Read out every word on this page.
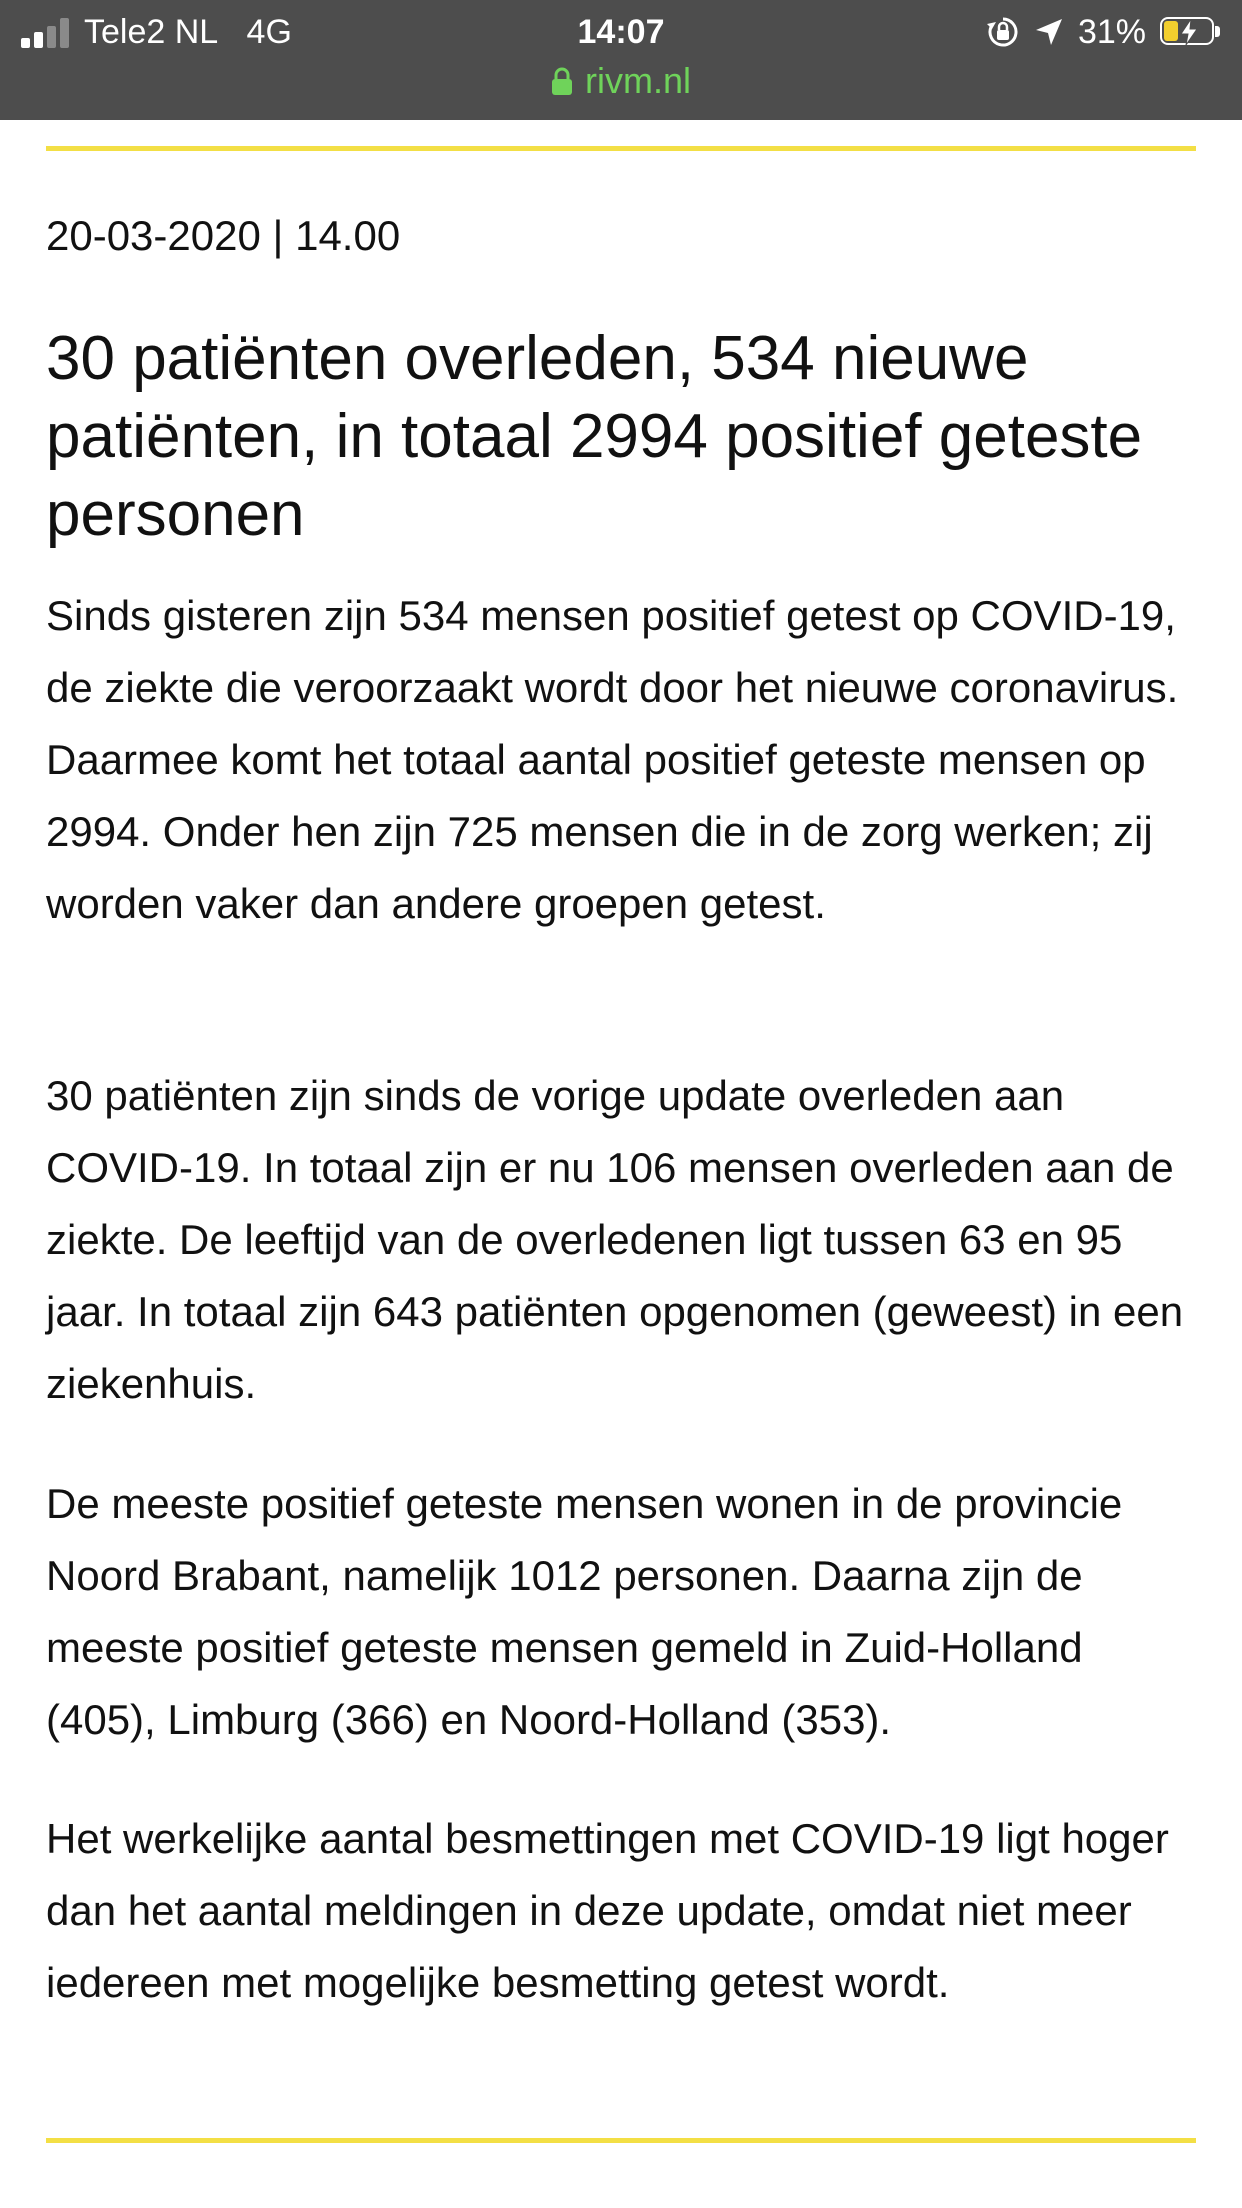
Tele2 NL 4G	14:07	31%
rivm.nl
20-03-2020 | 14.00
30 patiënten overleden, 534 nieuwe patiënten, in totaal 2994 positief geteste personen

Sinds gisteren zijn 534 mensen positief getest op COVID-19, de ziekte die veroorzaakt wordt door het nieuwe coronavirus. Daarmee komt het totaal aantal positief geteste mensen op 2994. Onder hen zijn 725 mensen die in de zorg werken; zij worden vaker dan andere groepen getest.

30 patiënten zijn sinds de vorige update overleden aan COVID-19. In totaal zijn er nu 106 mensen overleden aan de ziekte. De leeftijd van de overledenen ligt tussen 63 en 95 jaar. In totaal zijn 643 patiënten opgenomen (geweest) in een ziekenhuis.

De meeste positief geteste mensen wonen in de provincie Noord Brabant, namelijk 1012 personen. Daarna zijn de meeste positief geteste mensen gemeld in Zuid-Holland (405), Limburg (366) en Noord-Holland (353).

Het werkelijke aantal besmettingen met COVID-19 ligt hoger dan het aantal meldingen in deze update, omdat niet meer iedereen met mogelijke besmetting getest wordt.
